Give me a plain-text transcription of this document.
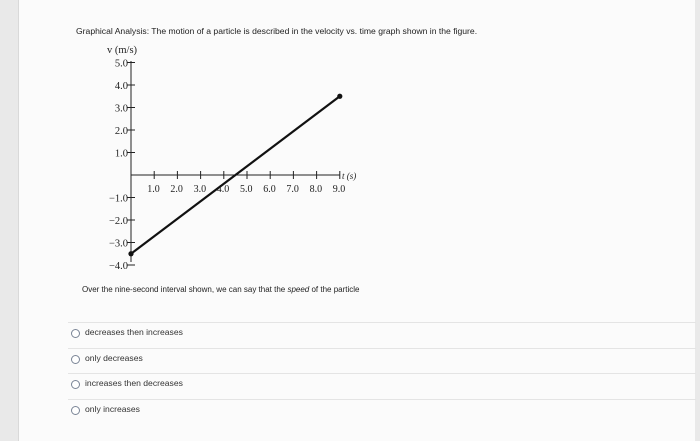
Graphical Analysis: The motion of a particle is described in the velocity vs. time graph shown in the figure.
v (m/s)
t (s)
1.0 2.0 3.0 4.0 5.0 6.0 7.0 8.0 9.0
5.0
4.0
3.0
2.0
1.0
−1.0
−2.0
−3.0
−4.0
Over the nine-second interval shown, we can say that the speed of the particle
decreases then increases
only decreases
increases then decreases
only increases
